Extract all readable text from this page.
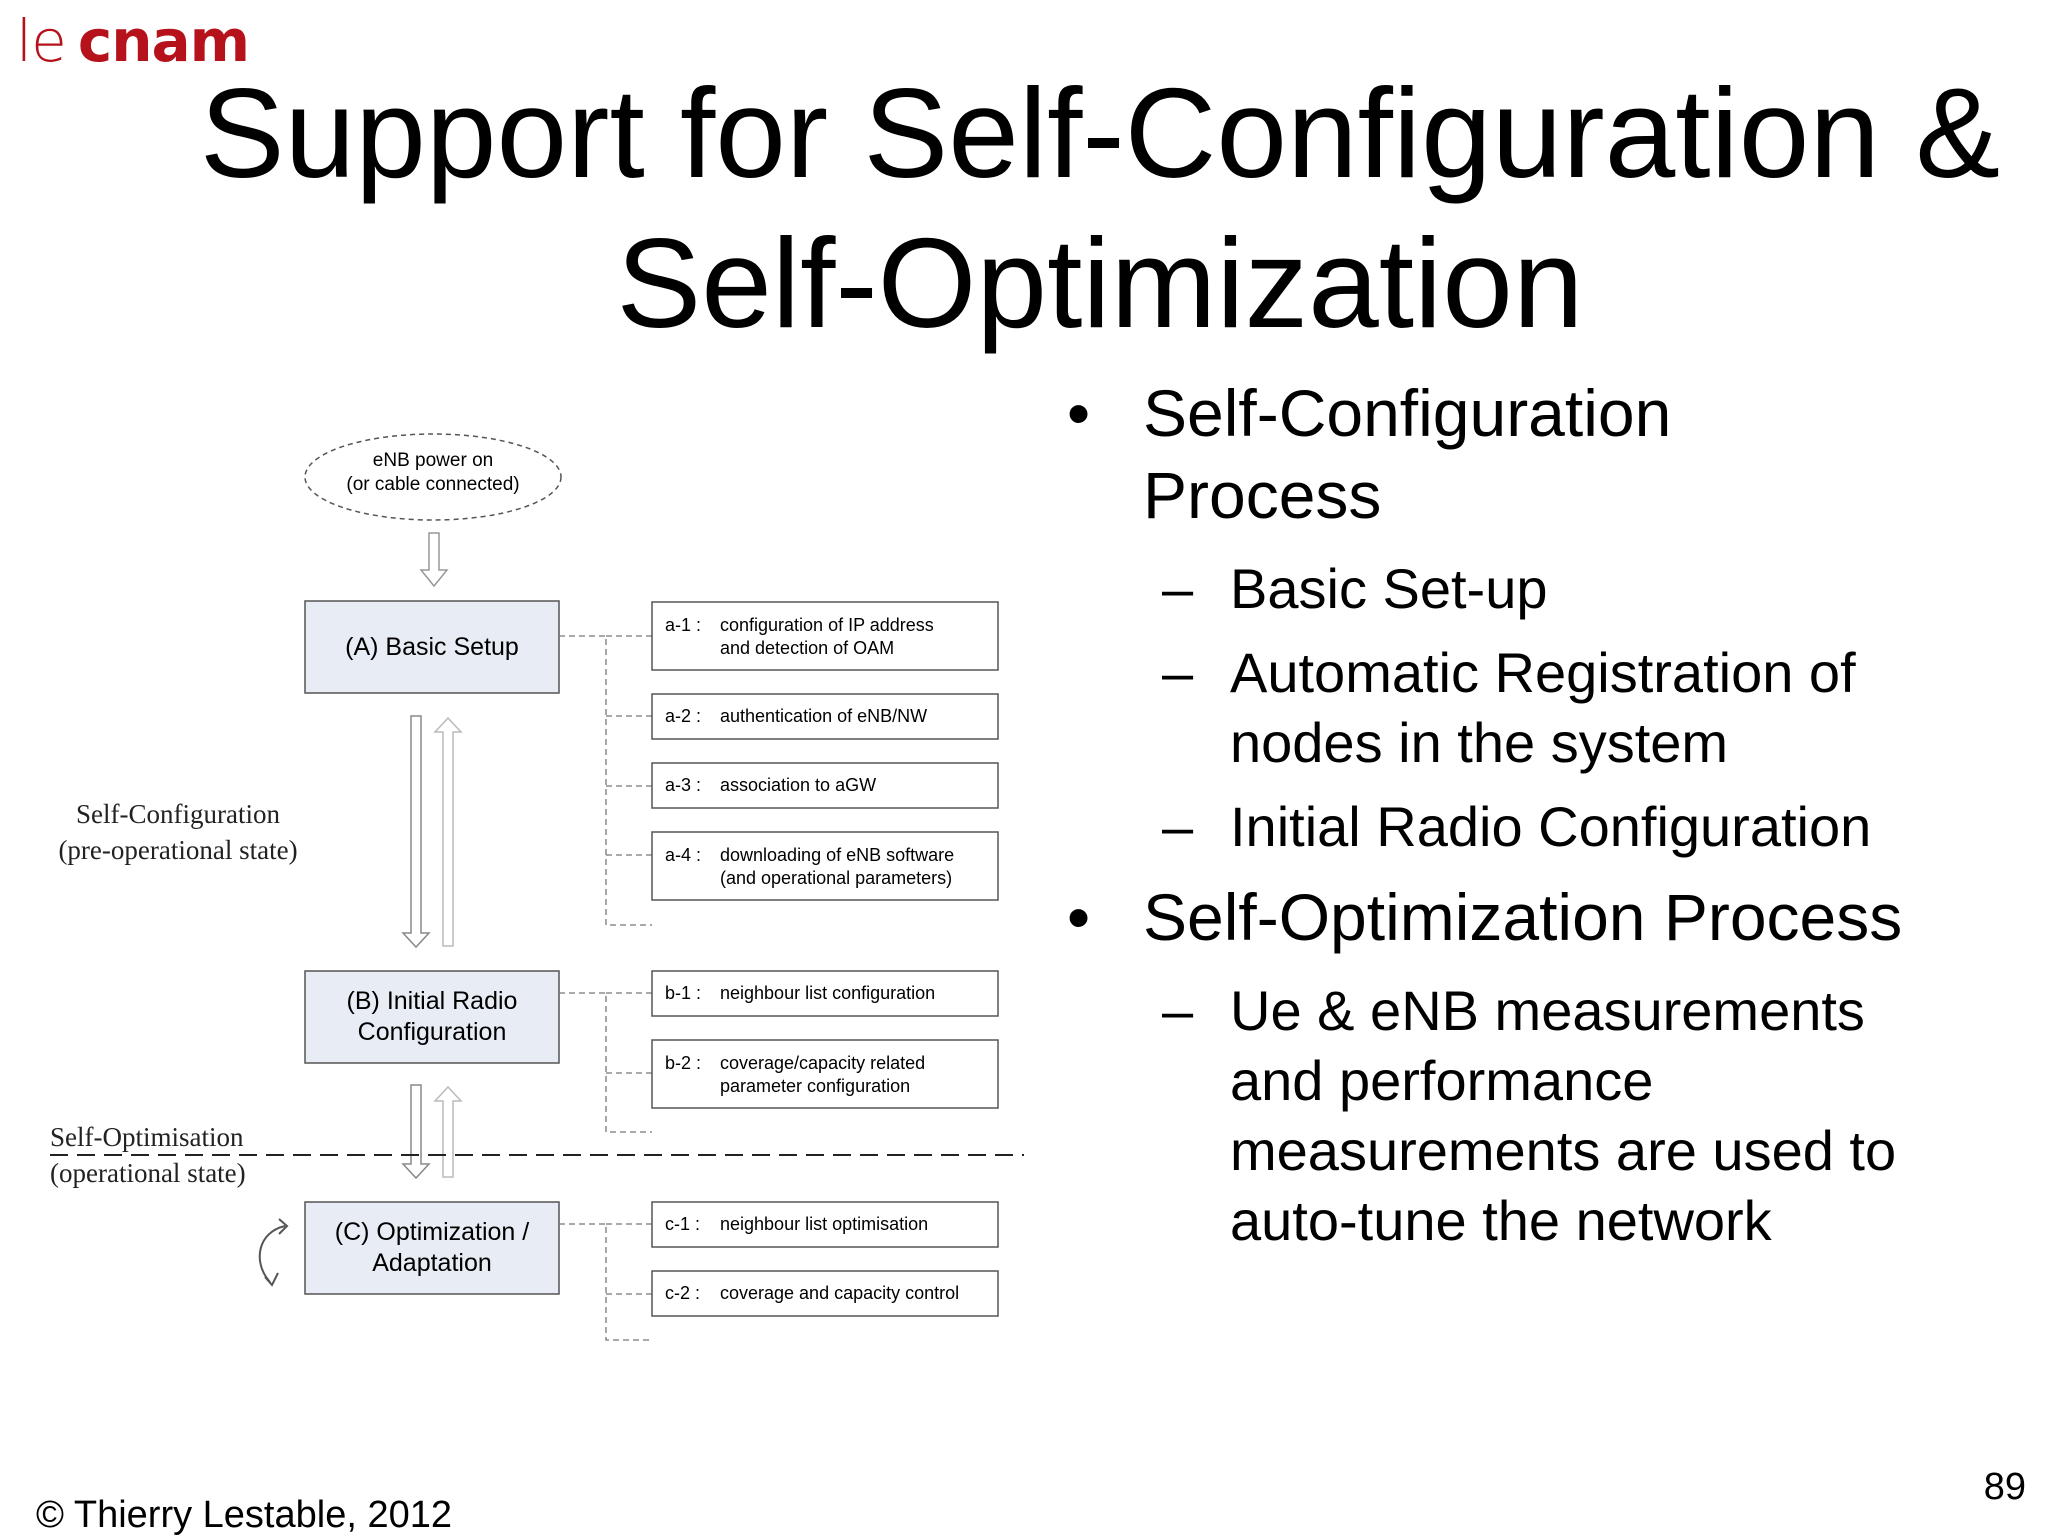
le cnam
Support for Self-Configuration &
Self-Optimization
eNB power on
(or cable connected)
(A) Basic Setup
(B) Initial Radio
Configuration
Self-Configuration
(pre-operational state)
Self-Optimisation
(operational state)
(C) Optimization /
Adaptation
a-1 : configuration of IP address
and detection of OAM
a-2 : authentication of eNB/NW
a-3 : association to aGW
a-4 : downloading of eNB software
(and operational parameters)
b-1 : neighbour list configuration
b-2 : coverage/capacity related
parameter configuration
c-1 : neighbour list optimisation
c-2 : coverage and capacity control
• Self-Configuration
Process
– Basic Set-up
– Automatic Registration of
nodes in the system
– Initial Radio Configuration
• Self-Optimization Process
– Ue & eNB measurements
and performance
measurements are used to
auto-tune the network
© Thierry Lestable, 2012
89
